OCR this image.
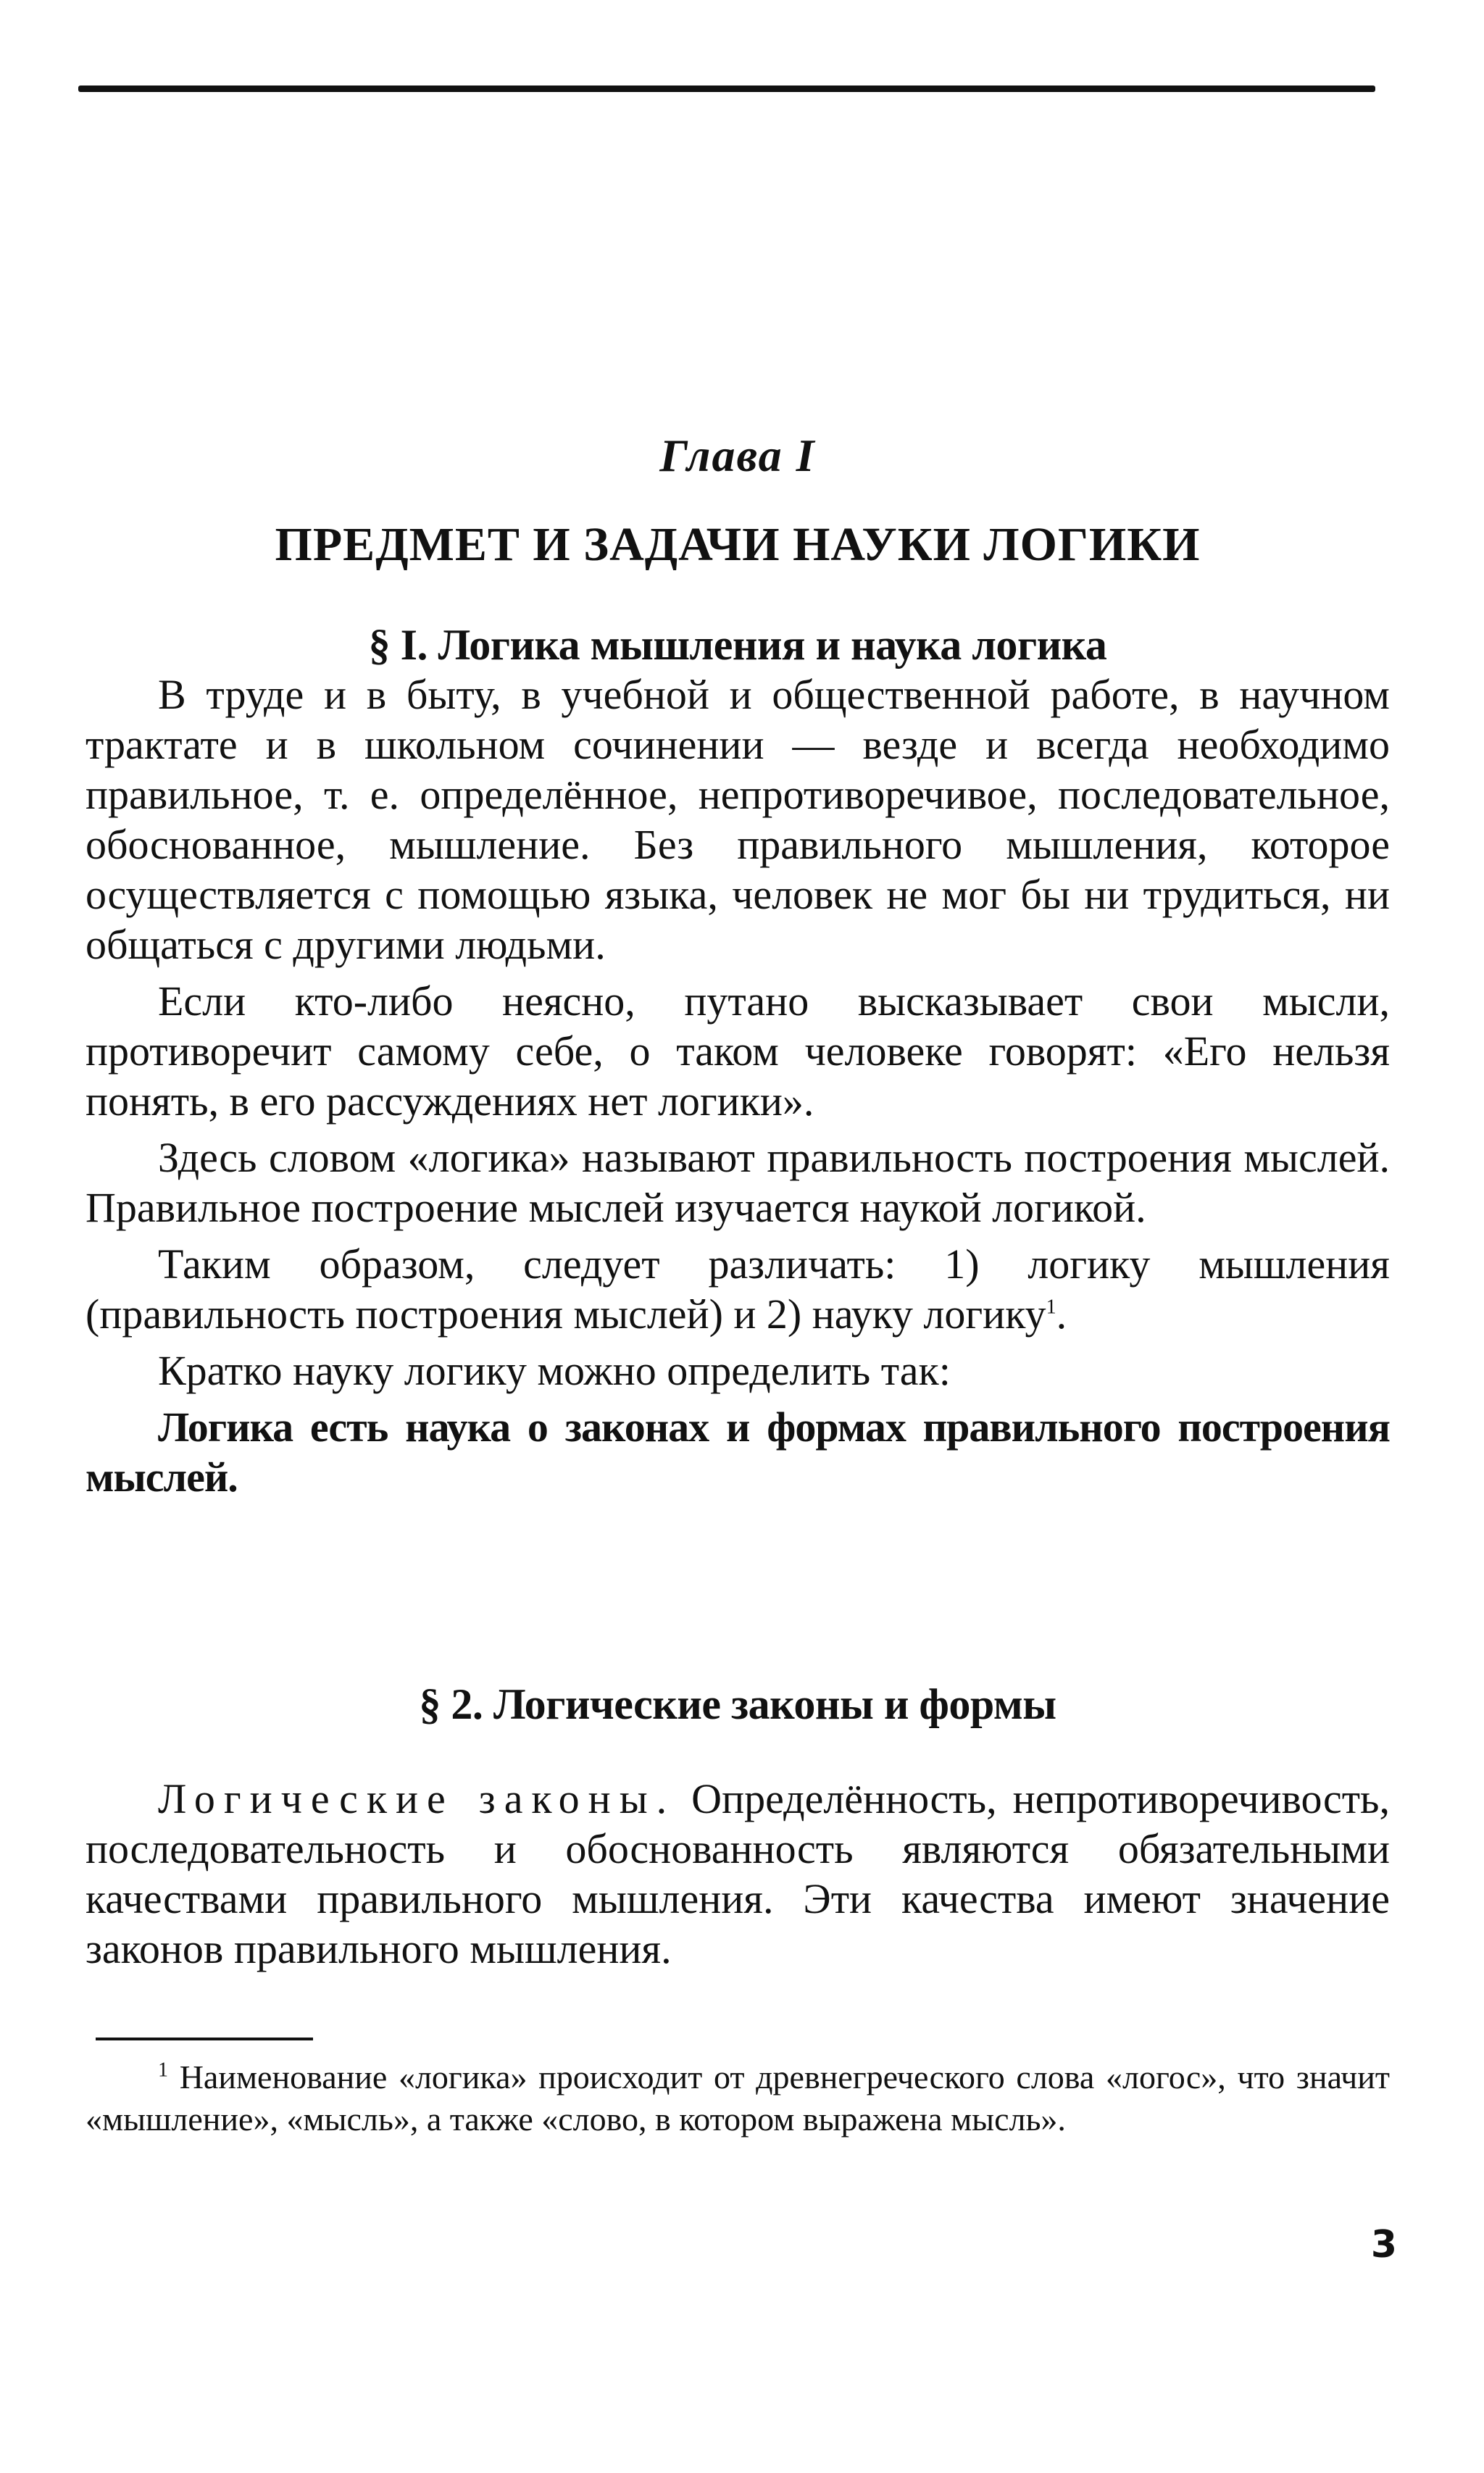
Глава I
ПРЕДМЕТ И ЗАДАЧИ НАУКИ ЛОГИКИ
§ I. Логика мышления и наука логика

В труде и в быту, в учебной и общественной работе, в научном трактате и в школьном сочинении — везде и всегда необходимо правильное, т. е. определённое, непротиворечивое, последовательное, обоснованное, мышление. Без правильного мышления, которое осуществляется с помощью языка, человек не мог бы ни трудиться, ни общаться с другими людьми.

Если кто-либо неясно, путано высказывает свои мысли, противоречит самому себе, о таком человеке говорят: «Его нельзя понять, в его рассуждениях нет логики».

Здесь словом «логика» называют правильность построения мыслей. Правильное построение мыслей изучается наукой логикой.

Таким образом, следует различать: 1) логику мышления (правильность построения мыслей) и 2) науку логику$^1$.

Кратко науку логику можно определить так:

Логика есть наука о законах и формах правильного построения мыслей.

§ 2. Логические законы и формы

Логические законы. Определённость, непротиворечивость, последовательность и обоснованность являются обязательными качествами правильного мышления. Эти качества имеют значение законов правильного мышления.

$^1$ Наименование «логика» происходит от древнегреческого слова «логос», что значит «мышление», «мысль», а также «слово, в котором выражена мысль».
3
